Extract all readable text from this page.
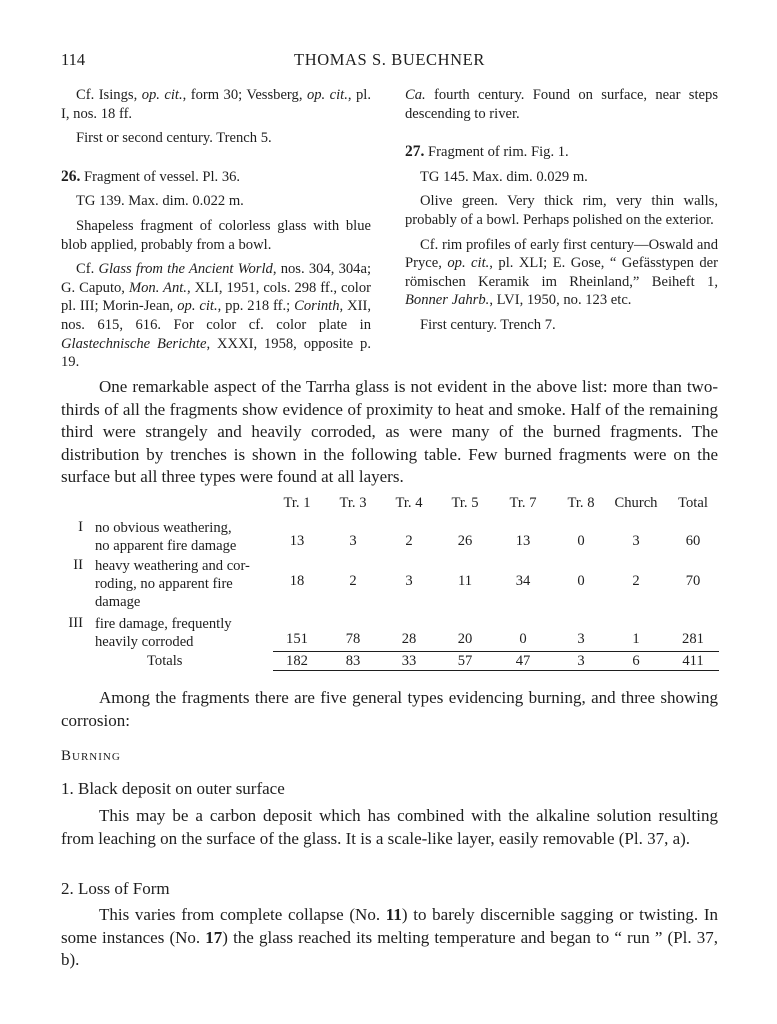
114	THOMAS S. BUECHNER

Cf. Isings, op. cit., form 30; Vessberg, op. cit., pl. I, nos. 18 ff.

First or second century. Trench 5.

26. Fragment of vessel. Pl. 36.

TG 139. Max. dim. 0.022 m.

Shapeless fragment of colorless glass with blue blob applied, probably from a bowl.

Cf. Glass from the Ancient World, nos. 304, 304a; G. Caputo, Mon. Ant., XLI, 1951, cols. 298 ff., color pl. III; Morin-Jean, op. cit., pp. 218 ff.; Corinth, XII, nos. 615, 616. For color cf. color plate in Glastechnische Berichte, XXXI, 1958, opposite p. 19.

Ca. fourth century. Found on surface, near steps descending to river.

27. Fragment of rim. Fig. 1.

TG 145. Max. dim. 0.029 m.

Olive green. Very thick rim, very thin walls, probably of a bowl. Perhaps polished on the exterior.

Cf. rim profiles of early first century—Oswald and Pryce, op. cit., pl. XLI; E. Gose, “ Gefässtypen der römischen Keramik im Rheinland,” Beiheft 1, Bonner Jahrb., LVI, 1950, no. 123 etc.

First century. Trench 7.

One remarkable aspect of the Tarrha glass is not evident in the above list: more than two-thirds of all the fragments show evidence of proximity to heat and smoke. Half of the remaining third were strangely and heavily corroded, as were many of the burned fragments. The distribution by trenches is shown in the following table. Few burned fragments were on the surface but all three types were found at all layers.

Tr. 1	Tr. 3	Tr. 4	Tr. 5	Tr. 7	Tr. 8	Church	Total
I no obvious weathering,
no apparent fire damage	13	3	2	26	13	0	3	60
II heavy weathering and cor-
roding, no apparent fire
damage
18	2	3	11	34	0	2	70
III fire damage, frequently
heavily corroded	151	78	28	20	0	3	1	281
Totals	182	83	33	57	47	3	6	411

Among the fragments there are five general types evidencing burning, and three showing corrosion:

Burning
1. Black deposit on outer surface

This may be a carbon deposit which has combined with the alkaline solution resulting from leaching on the surface of the glass. It is a scale-like layer, easily removable (Pl. 37, a).

2. Loss of Form

This varies from complete collapse (No. 11) to barely discernible sagging or twisting. In some instances (No. 17) the glass reached its melting temperature and began to “ run ” (Pl. 37, b).
